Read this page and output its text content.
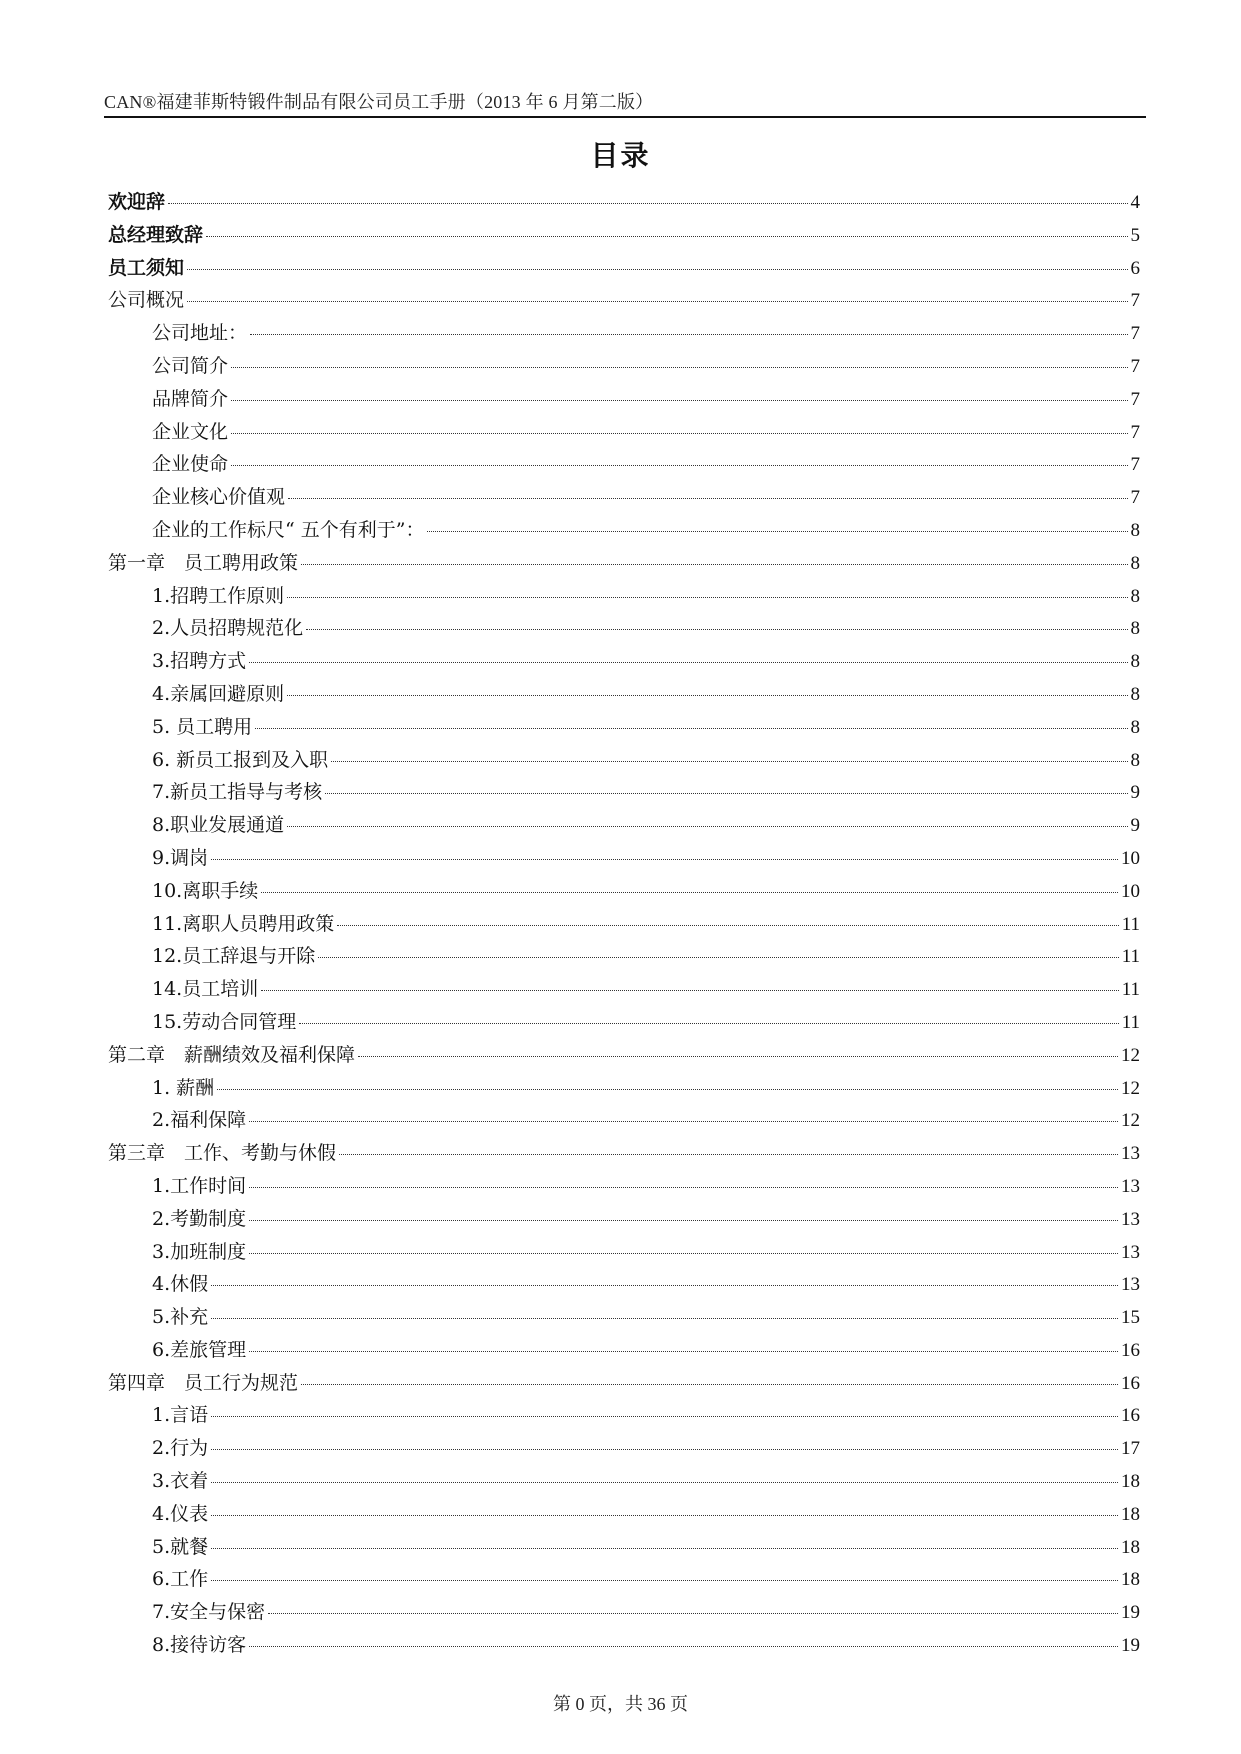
CAN®福建菲斯特锻件制品有限公司员工手册（2013 年 6 月第二版）
目录
欢迎辞	4
总经理致辞	5
员工须知	6
公司概况	7
公司地址：	7
公司简介	7
品牌简介	7
企业文化	7
企业使命	7
企业核心价值观	7
企业的工作标尺“ 五个有利于”：	8
第一章　员工聘用政策	8
1.招聘工作原则	8
2.人员招聘规范化	8
3.招聘方式	8
4.亲属回避原则	8
5. 员工聘用	8
6. 新员工报到及入职	8
7.新员工指导与考核	9
8.职业发展通道	9
9.调岗	10
10.离职手续	10
11.离职人员聘用政策	11
12.员工辞退与开除	11
14.员工培训	11
15.劳动合同管理	11
第二章　薪酬绩效及福利保障	12
1. 薪酬	12
2.福利保障	12
第三章　工作、考勤与休假	13
1.工作时间	13
2.考勤制度	13
3.加班制度	13
4.休假	13
5.补充	15
6.差旅管理	16
第四章　员工行为规范	16
1.言语	16
2.行为	17
3.衣着	18
4.仪表	18
5.就餐	18
6.工作	18
7.安全与保密	19
8.接待访客	19
第 0 页，共 36 页
